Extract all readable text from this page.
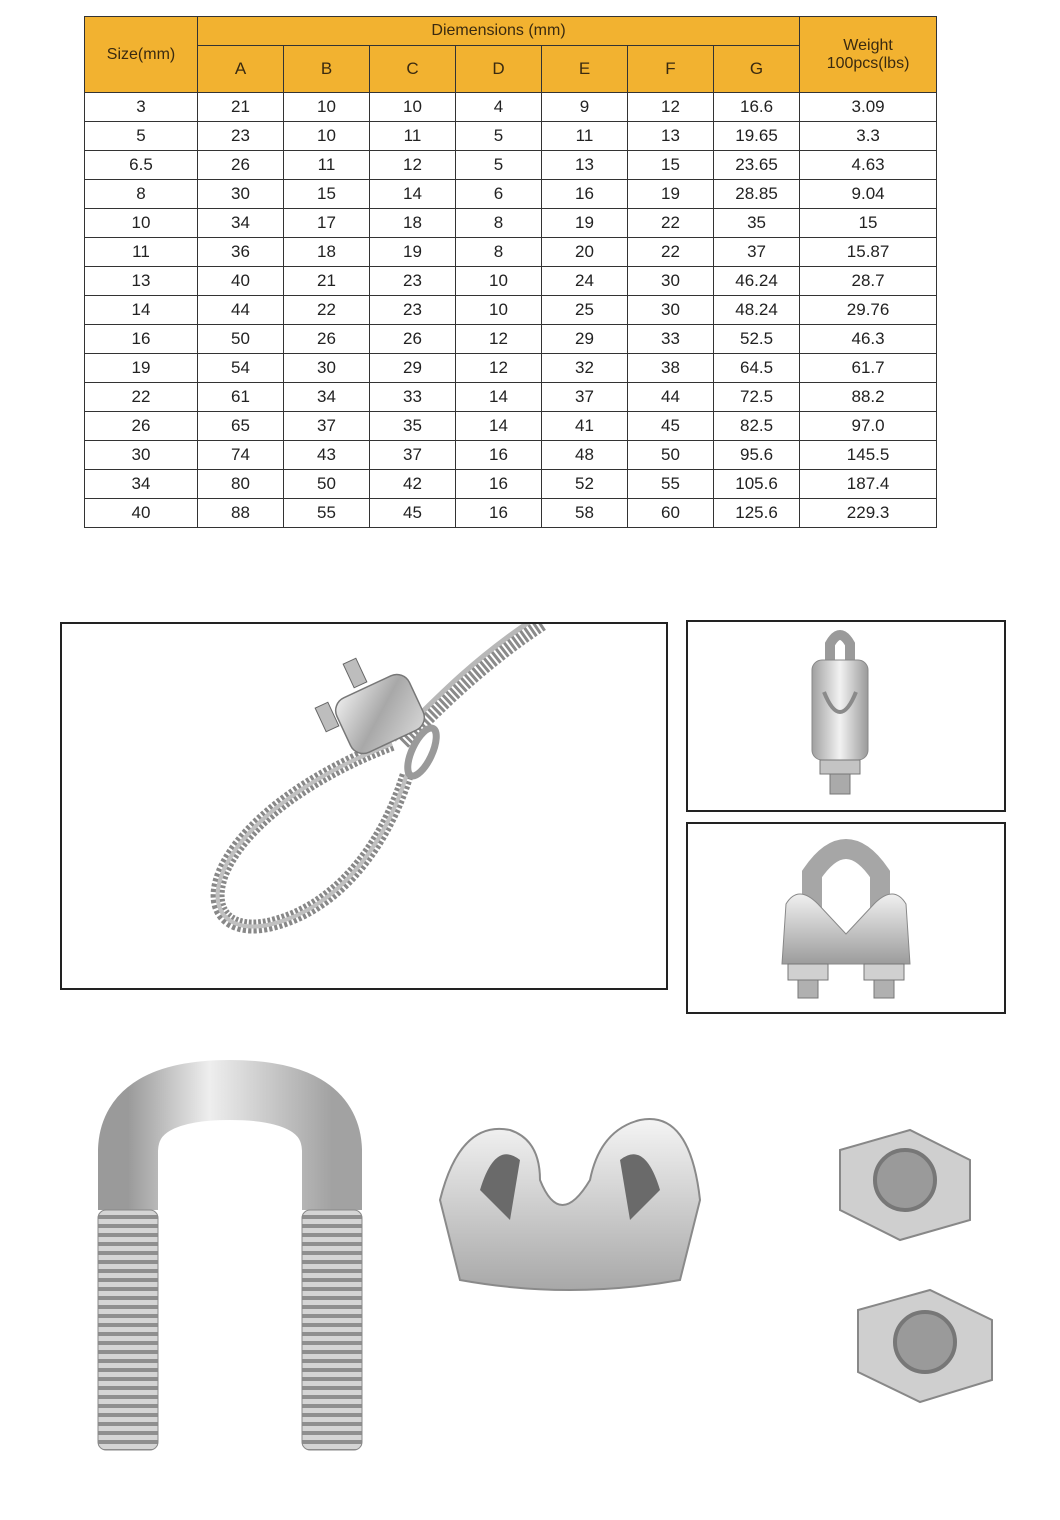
Size(mm)	Diemensions (mm)							Weight
100pcs(lbs)
	A	B	C	D	E	F	G	
3	21	10	10	4	9	12	16.6	3.09
5	23	10	11	5	11	13	19.65	3.3
6.5	26	11	12	5	13	15	23.65	4.63
8	30	15	14	6	16	19	28.85	9.04
10	34	17	18	8	19	22	35	15
11	36	18	19	8	20	22	37	15.87
13	40	21	23	10	24	30	46.24	28.7
14	44	22	23	10	25	30	48.24	29.76
16	50	26	26	12	29	33	52.5	46.3
19	54	30	29	12	32	38	64.5	61.7
22	61	34	33	14	37	44	72.5	88.2
26	65	37	35	14	41	45	82.5	97.0
30	74	43	37	16	48	50	95.6	145.5
34	80	50	42	16	52	55	105.6	187.4
40	88	55	45	16	58	60	125.6	229.3
